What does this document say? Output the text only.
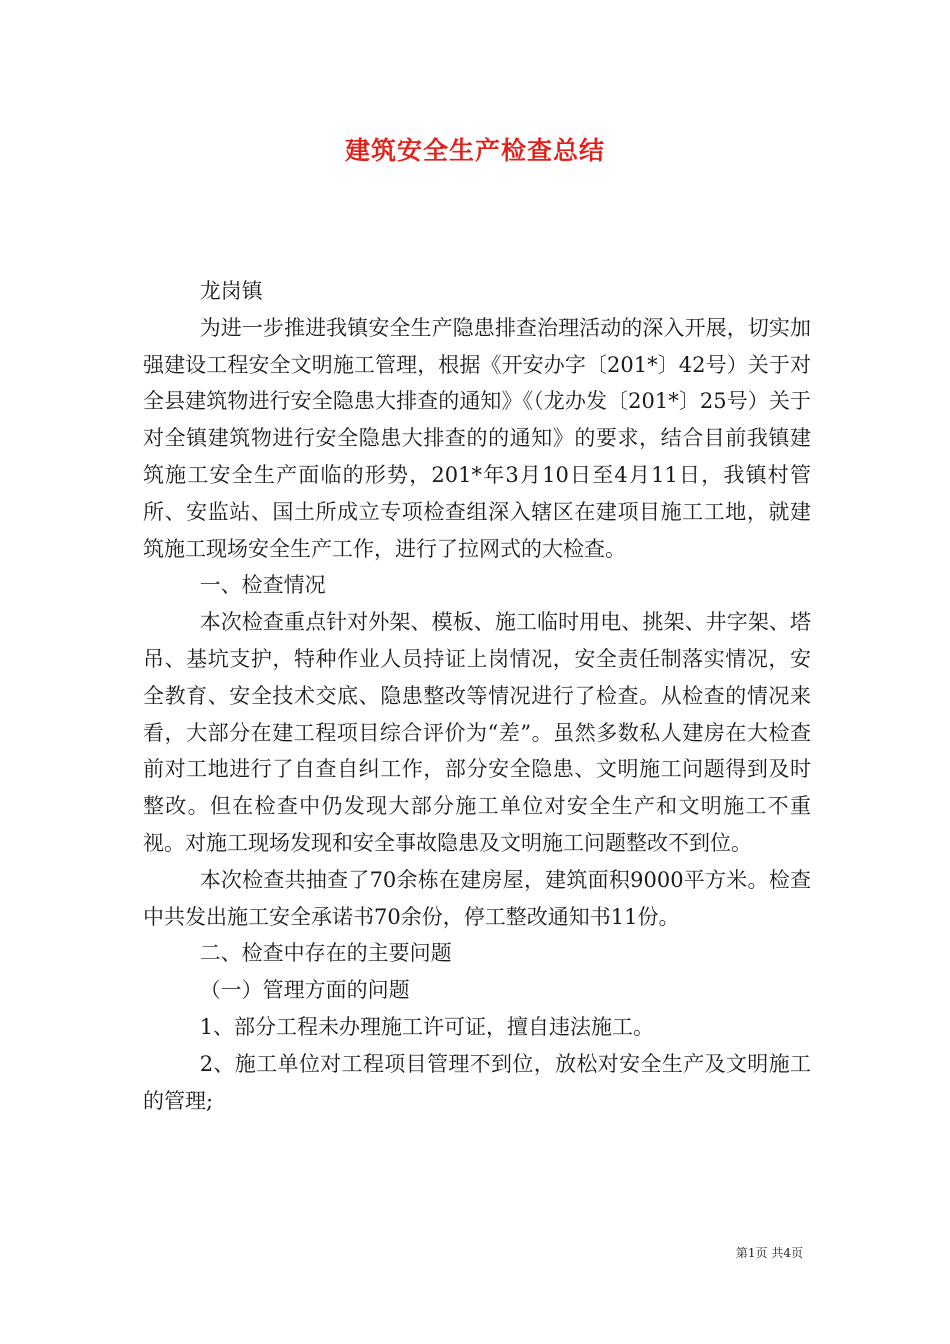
建筑安全生产检查总结

龙岗镇

为进一步推进我镇安全生产隐患排查治理活动的深入开展，切实加强建设工程安全文明施工管理，根据《开安办字〔201*〕42号）关于对全县建筑物进行安全隐患大排查的通知》《（龙办发〔201*〕25号）关于对全镇建筑物进行安全隐患大排查的的通知》的要求，结合目前我镇建筑施工安全生产面临的形势，201*年3月10日至4月11日，我镇村管所、安监站、国土所成立专项检查组深入辖区在建项目施工工地，就建筑施工现场安全生产工作，进行了拉网式的大检查。

一、检查情况

本次检查重点针对外架、模板、施工临时用电、挑架、井字架、塔吊、基坑支护，特种作业人员持证上岗情况，安全责任制落实情况，安全教育、安全技术交底、隐患整改等情况进行了检查。从检查的情况来看，大部分在建工程项目综合评价为“差”。虽然多数私人建房在大检查前对工地进行了自查自纠工作，部分安全隐患、文明施工问题得到及时整改。但在检查中仍发现大部分施工单位对安全生产和文明施工不重视。对施工现场发现和安全事故隐患及文明施工问题整改不到位。

本次检查共抽查了70余栋在建房屋，建筑面积9000平方米。检查中共发出施工安全承诺书70余份，停工整改通知书11份。

二、检查中存在的主要问题

（一）管理方面的问题

1、部分工程未办理施工许可证，擅自违法施工。

2、施工单位对工程项目管理不到位，放松对安全生产及文明施工的管理;

第1页 共4页
